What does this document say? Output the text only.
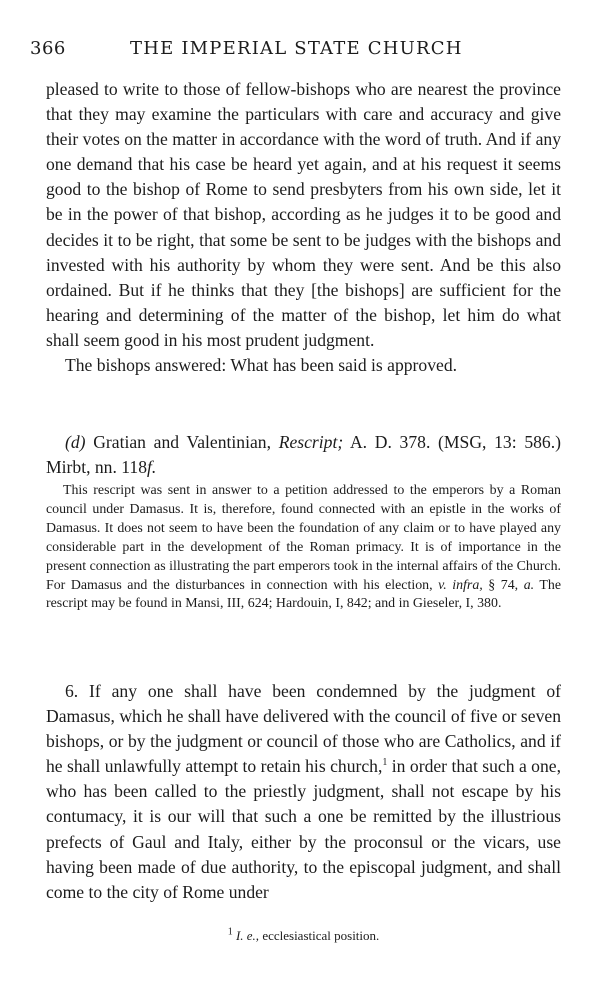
366	THE IMPERIAL STATE CHURCH

pleased to write to those of fellow-bishops who are nearest the province that they may examine the particulars with care and accuracy and give their votes on the matter in accordance with the word of truth. And if any one demand that his case be heard yet again, and at his request it seems good to the bishop of Rome to send presbyters from his own side, let it be in the power of that bishop, according as he judges it to be good and decides it to be right, that some be sent to be judges with the bishops and invested with his authority by whom they were sent. And be this also ordained. But if he thinks that they [the bishops] are sufficient for the hearing and determining of the matter of the bishop, let him do what shall seem good in his most prudent judgment.

The bishops answered: What has been said is approved.

(d) Gratian and Valentinian, Rescript; A. D. 378. (MSG, 13: 586.) Mirbt, nn. 118f.

This rescript was sent in answer to a petition addressed to the emperors by a Roman council under Damasus. It is, therefore, found connected with an epistle in the works of Damasus. It does not seem to have been the foundation of any claim or to have played any considerable part in the development of the Roman primacy. It is of importance in the present connection as illustrating the part emperors took in the internal affairs of the Church. For Damasus and the disturbances in connection with his election, v. infra, § 74, a. The rescript may be found in Mansi, III, 624; Hardouin, I, 842; and in Gieseler, I, 380.

6. If any one shall have been condemned by the judgment of Damasus, which he shall have delivered with the council of five or seven bishops, or by the judgment or council of those who are Catholics, and if he shall unlawfully attempt to retain his church,$^1$ in order that such a one, who has been called to the priestly judgment, shall not escape by his contumacy, it is our will that such a one be remitted by the illustrious prefects of Gaul and Italy, either by the proconsul or the vicars, use having been made of due authority, to the episcopal judgment, and shall come to the city of Rome under

$^1$ I. e., ecclesiastical position.
